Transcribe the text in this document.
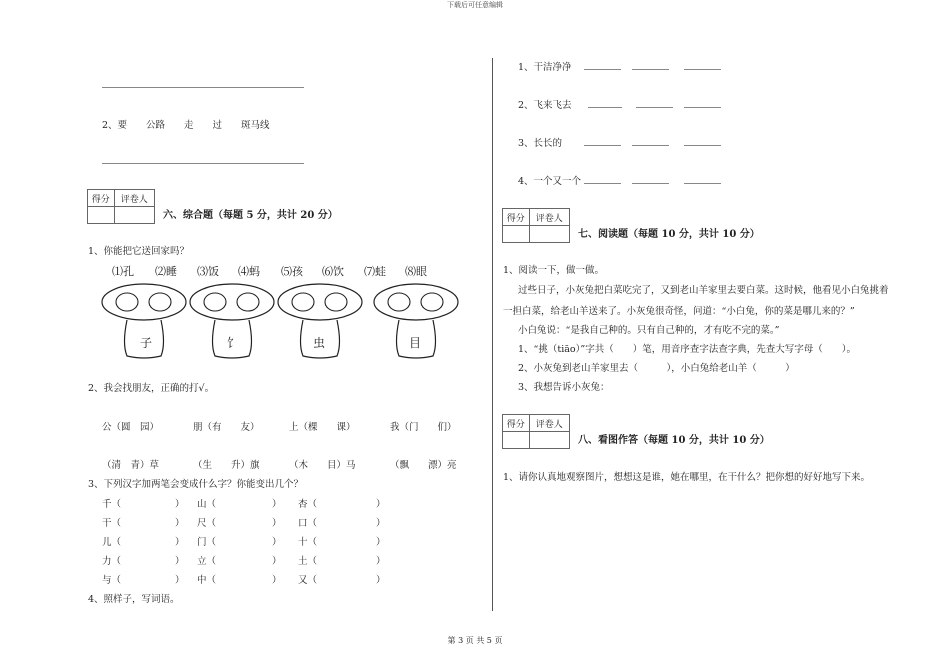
下载后可任意编辑
2、要　　公路　　走　　过　　斑马线
得分	评卷人
六、综合题（每题 5 分，共计 20 分）
1、你能把它送回家吗？
⑴孔 ⑵睡 ⑶饭 ⑷蚂 ⑸孩 ⑹饮 ⑺蛙 ⑻眼
子	饣	虫	目
2、我会找朋友，正确的打√。
公（圆　园）	朋（有　　友）	上（棵　　课）	我（门　　们）
（清　青）草	（生　　升）旗	（木　　目）马	（飘　　漂）亮
3、下列汉字加两笔会变成什么字？你能变出几个？
千（	） 山（	） 杏（	）
干（	） 尺（	） 口（	）
儿（	） 门（	） 十（	）
力（	） 立（	） 土（	）
与（	） 中（	） 又（	）
4、照样子，写词语。
1、干洁净净
2、飞来飞去
3、长长的
4、一个又一个
得分	评卷人
七、阅读题（每题 10 分，共计 10 分）
1、阅读一下，做一做。
过些日子，小灰兔把白菜吃完了，又到老山羊家里去要白菜。这时候，他看见小白兔挑着
一担白菜，给老山羊送来了。小灰兔很奇怪，问道：“小白兔，你的菜是哪儿来的？”
小白兔说：“是我自己种的。只有自己种的，才有吃不完的菜。”
1、“挑（tiāo）”字共（　　）笔，用音序查字法查字典，先查大写字母（　　）。
2、小灰兔到老山羊家里去（　　　），小白兔给老山羊（　　　）
3、我想告诉小灰兔：
得分	评卷人
八、看图作答（每题 10 分，共计 10 分）
1、请你认真地观察图片，想想这是谁，她在哪里，在干什么？把你想的好好地写下来。
第 3 页 共 5 页
